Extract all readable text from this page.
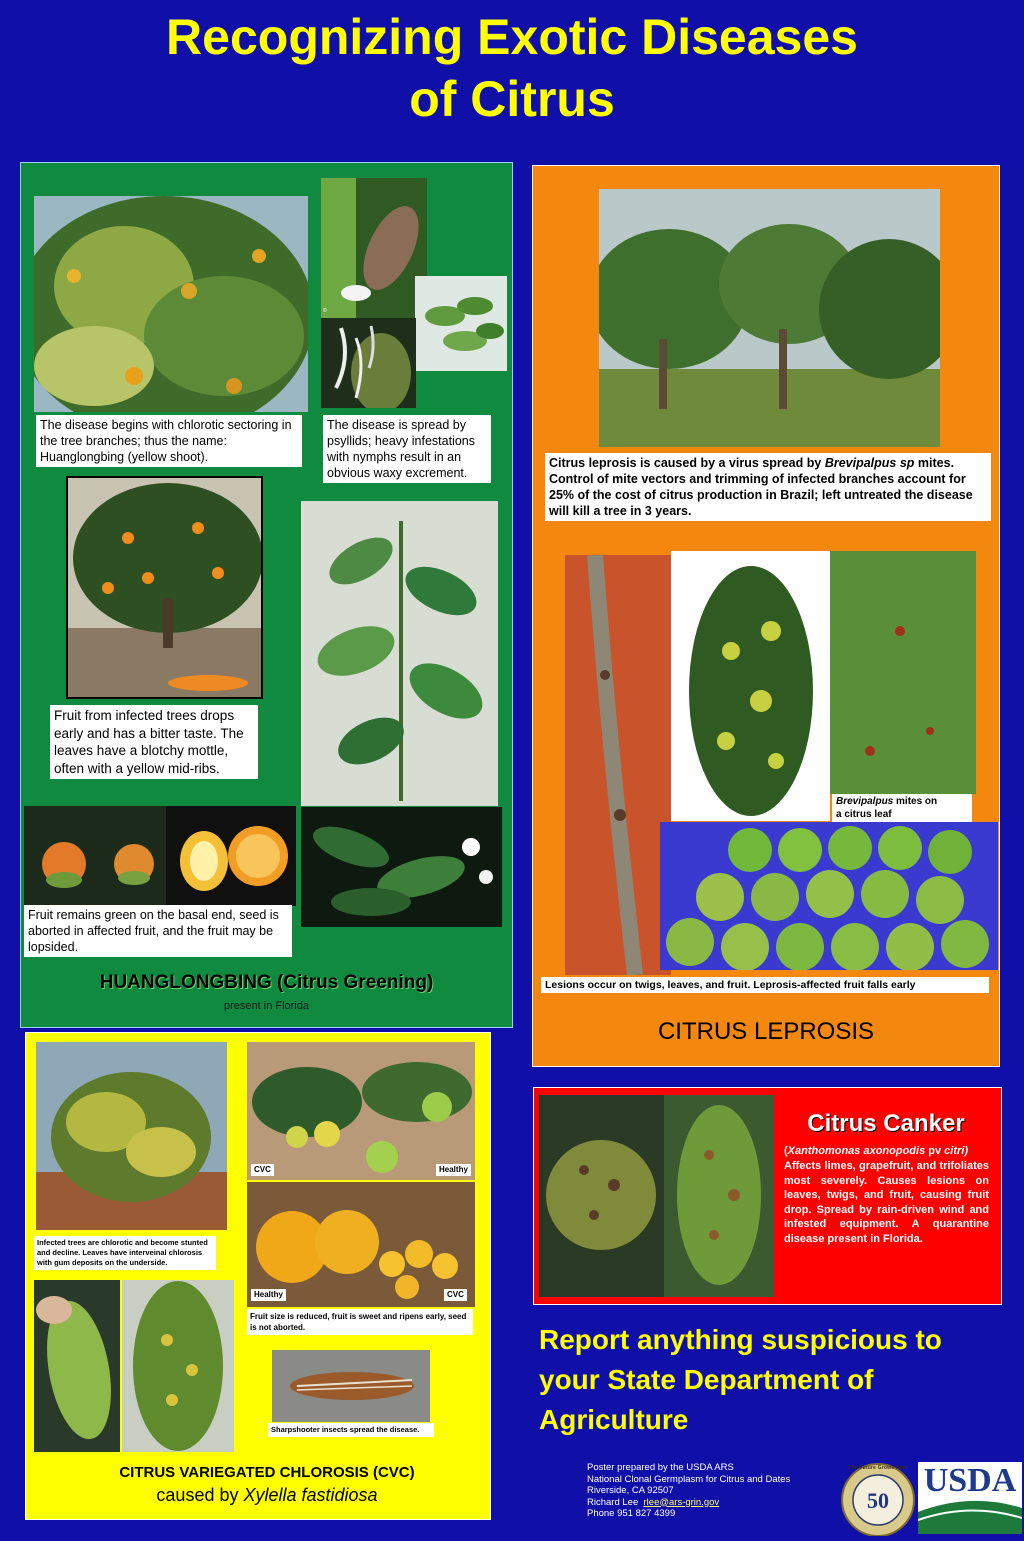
Recognizing Exotic Diseases
of Citrus
The disease begins with chlorotic sectoring in the tree branches; thus the name: Huanglongbing (yellow shoot).
©
The disease is spread by psyllids; heavy infestations with nymphs result in an obvious waxy excrement.
Fruit from infected trees drops early and has a bitter taste. The leaves have a blotchy mottle, often with a yellow mid-ribs.
Fruit remains green on the basal end, seed is aborted in affected fruit, and the fruit may be lopsided.
HUANGLONGBING (Citrus Greening)
present in Florida
Citrus leprosis is caused by a virus spread by Brevipalpus sp mites. Control of mite vectors and trimming of infected branches account for 25% of the cost of citrus production in Brazil; left untreated the disease will kill a tree in 3 years.
Brevipalpus mites on
a citrus leaf
Lesions occur on twigs, leaves, and fruit. Leprosis-affected fruit falls early
CITRUS LEPROSIS
Infected trees are chlorotic and become stunted and decline. Leaves have interveinal chlorosis with gum deposits on the underside.
CVC	Healthy
Healthy	CVC
Fruit size is reduced, fruit is sweet and ripens early, seed is not aborted.
Sharpshooter insects spread the disease.
CITRUS VARIEGATED CHLOROSIS (CVC)
caused by Xylella fastidiosa
Citrus Canker
(Xanthomonas axonopodis pv citri)
Affects limes, grapefruit, and trifoliates most severely. Causes lesions on leaves, twigs, and fruit, causing fruit drop. Spread by rain-driven wind and infested equipment. A quarantine disease present in Florida.
Report anything suspicious to your State Department of Agriculture
Poster prepared by the USDA ARS
National Clonal Germplasm for Citrus and Dates
Riverside, CA 92507
Richard Lee rlee@ars-grin.gov
Phone 951 827 4399
50
The Future Grows Here USDA
